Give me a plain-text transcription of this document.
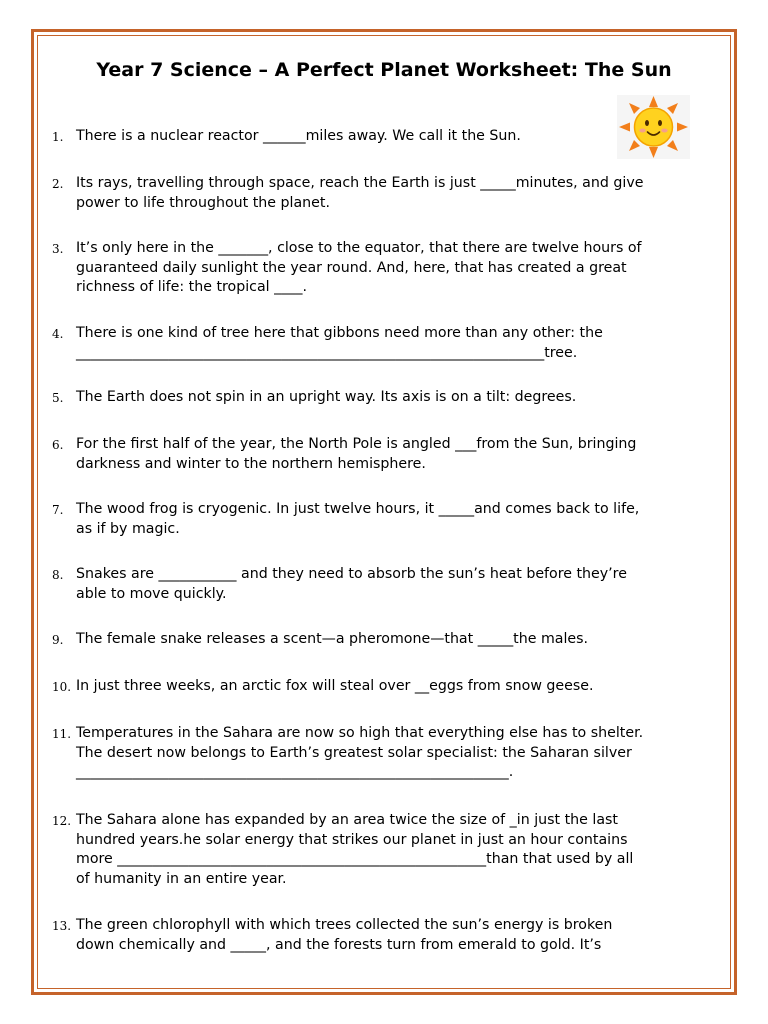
Year 7 Science – A Perfect Planet Worksheet: The Sun
1. There is a nuclear reactor ______miles away. We call it the Sun.
2. Its rays, travelling through space, reach the Earth is just _____minutes, and give
power to life throughout the planet.
3. It’s only here in the _______, close to the equator, that there are twelve hours of
guaranteed daily sunlight the year round. And, here, that has created a great
richness of life: the tropical ____.
4. There is one kind of tree here that gibbons need more than any other: the
__________________________________________________________________tree.
5. The Earth does not spin in an upright way. Its axis is on a tilt: degrees.
6. For the first half of the year, the North Pole is angled ___from the Sun, bringing
darkness and winter to the northern hemisphere.
7. The wood frog is cryogenic. In just twelve hours, it _____and comes back to life,
as if by magic.
8. Snakes are ___________ and they need to absorb the sun’s heat before they’re
able to move quickly.
9. The female snake releases a scent—a pheromone—that _____the males.
10. In just three weeks, an arctic fox will steal over __eggs from snow geese.
11. Temperatures in the Sahara are now so high that everything else has to shelter.
The desert now belongs to Earth’s greatest solar specialist: the Saharan silver
_____________________________________________________________.
12. The Sahara alone has expanded by an area twice the size of _in just the last
hundred years.he solar energy that strikes our planet in just an hour contains
more ____________________________________________________than that used by all
of humanity in an entire year.
13. The green chlorophyll with which trees collected the sun’s energy is broken
down chemically and _____, and the forests turn from emerald to gold. It’s
